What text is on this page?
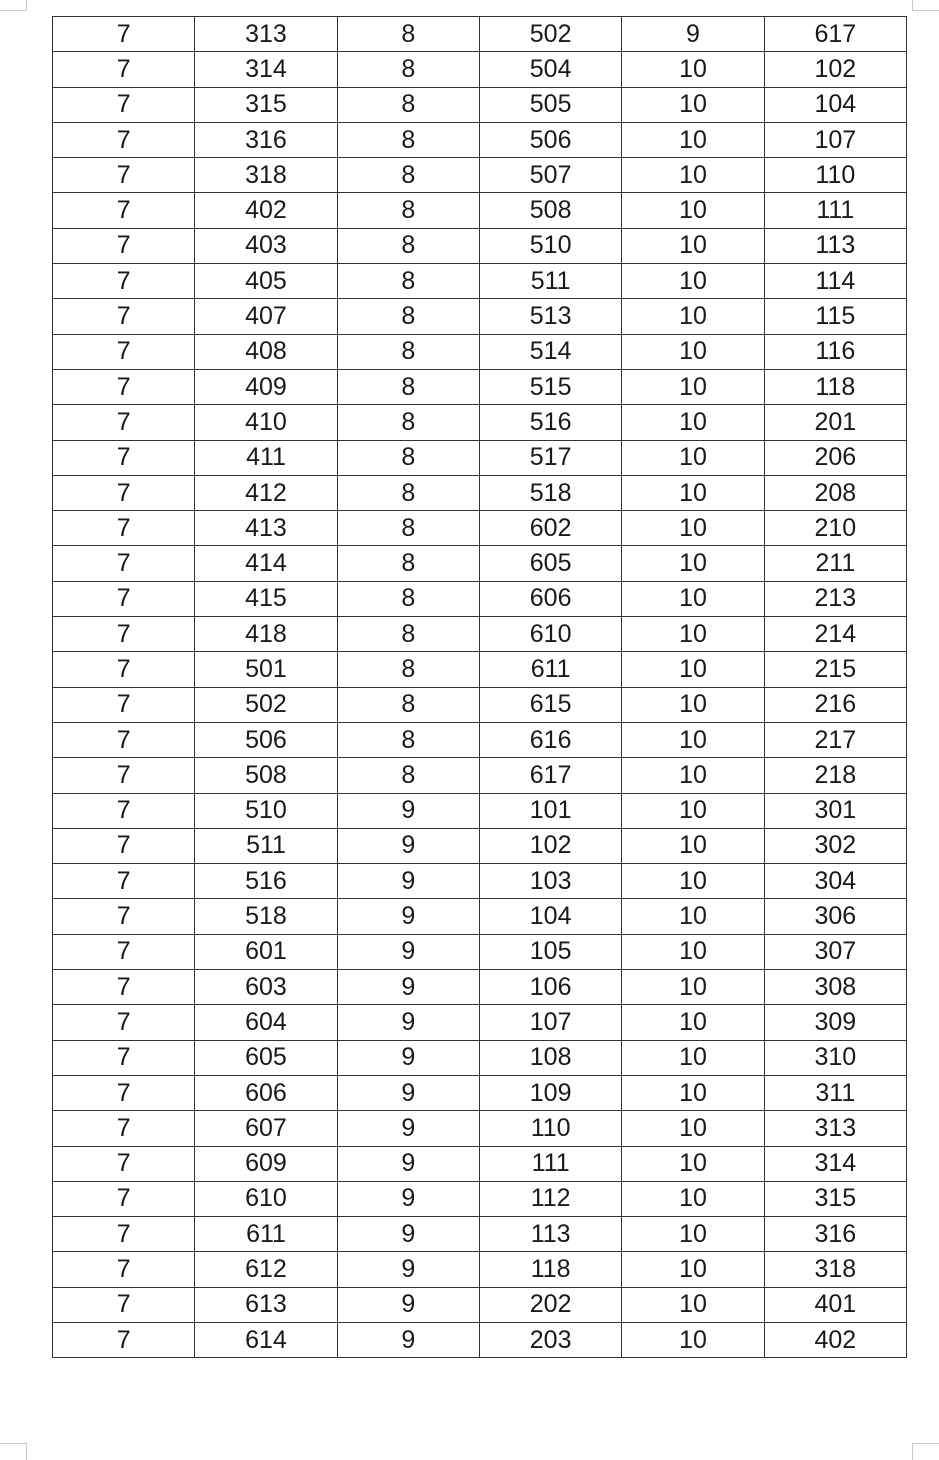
7	313	8	502	9	617
7	314	8	504	10	102
7	315	8	505	10	104
7	316	8	506	10	107
7	318	8	507	10	110
7	402	8	508	10	111
7	403	8	510	10	113
7	405	8	511	10	114
7	407	8	513	10	115
7	408	8	514	10	116
7	409	8	515	10	118
7	410	8	516	10	201
7	411	8	517	10	206
7	412	8	518	10	208
7	413	8	602	10	210
7	414	8	605	10	211
7	415	8	606	10	213
7	418	8	610	10	214
7	501	8	611	10	215
7	502	8	615	10	216
7	506	8	616	10	217
7	508	8	617	10	218
7	510	9	101	10	301
7	511	9	102	10	302
7	516	9	103	10	304
7	518	9	104	10	306
7	601	9	105	10	307
7	603	9	106	10	308
7	604	9	107	10	309
7	605	9	108	10	310
7	606	9	109	10	311
7	607	9	110	10	313
7	609	9	111	10	314
7	610	9	112	10	315
7	611	9	113	10	316
7	612	9	118	10	318
7	613	9	202	10	401
7	614	9	203	10	402
